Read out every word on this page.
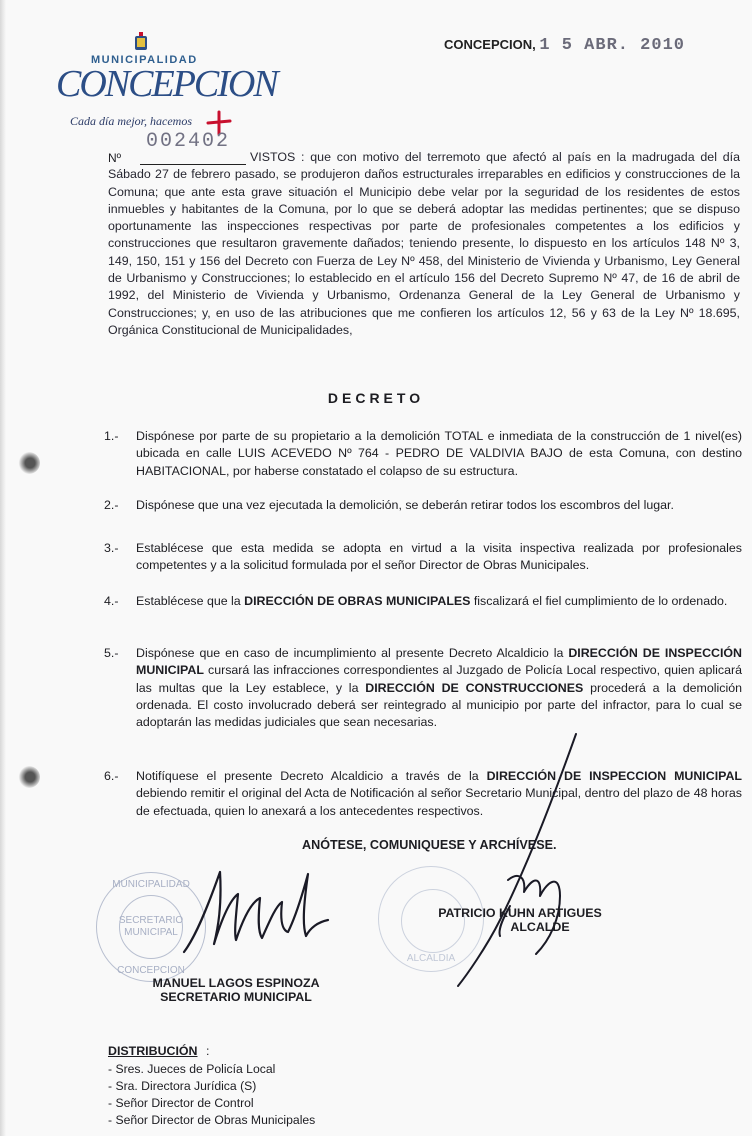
MUNICIPALIDAD
CONCEPCION
Cada día mejor, hacemos
CONCEPCION, 1 5 ABR. 2010
Nº
002402

VISTOS : que con motivo del terremoto que afectó al país en la madrugada del día Sábado 27 de febrero pasado, se produjeron daños estructurales irreparables en edificios y construcciones de la Comuna; que ante esta grave situación el Municipio debe velar por la seguridad de los residentes de estos inmuebles y habitantes de la Comuna, por lo que se deberá adoptar las medidas pertinentes; que se dispuso oportunamente las inspecciones respectivas por parte de profesionales competentes a los edificios y construcciones que resultaron gravemente dañados; teniendo presente, lo dispuesto en los artículos 148 Nº 3, 149, 150, 151 y 156 del Decreto con Fuerza de Ley Nº 458, del Ministerio de Vivienda y Urbanismo, Ley General de Urbanismo y Construcciones; lo establecido en el artículo 156 del Decreto Supremo Nº 47, de 16 de abril de 1992, del Ministerio de Vivienda y Urbanismo, Ordenanza General de la Ley General de Urbanismo y Construcciones; y, en uso de las atribuciones que me confieren los artículos 12, 56 y 63 de la Ley Nº 18.695, Orgánica Constitucional de Municipalidades,

DECRETO
1.- Dispónese por parte de su propietario a la demolición TOTAL e inmediata de la construcción de 1 nivel(es) ubicada en calle LUIS ACEVEDO Nº 764 - PEDRO DE VALDIVIA BAJO de esta Comuna, con destino HABITACIONAL, por haberse constatado el colapso de su estructura.

2.- Dispónese que una vez ejecutada la demolición, se deberán retirar todos los escombros del lugar.

3.- Establécese que esta medida se adopta en virtud a la visita inspectiva realizada por profesionales competentes y a la solicitud formulada por el señor Director de Obras Municipales.

4.- Establécese que la DIRECCIÓN DE OBRAS MUNICIPALES fiscalizará el fiel cumplimiento de lo ordenado.

5.- Dispónese que en caso de incumplimiento al presente Decreto Alcaldicio la DIRECCIÓN DE INSPECCIÓN MUNICIPAL cursará las infracciones correspondientes al Juzgado de Policía Local respectivo, quien aplicará las multas que la Ley establece, y la DIRECCIÓN DE CONSTRUCCIONES procederá a la demolición ordenada. El costo involucrado deberá ser reintegrado al municipio por parte del infractor, para lo cual se adoptarán las medidas judiciales que sean necesarias.

6.- Notifíquese el presente Decreto Alcaldicio a través de la DIRECCIÓN DE INSPECCION MUNICIPAL debiendo remitir el original del Acta de Notificación al señor Secretario Municipal, dentro del plazo de 48 horas de efectuada, quien lo anexará a los antecedentes respectivos.

ANÓTESE, COMUNIQUESE Y ARCHÍVESE.
MUNICIPALIDAD
SECRETARIO
MUNICIPAL
CONCEPCION
ALCALDIA
PATRICIO KUHN ARTIGUES
ALCALDE
MANUEL LAGOS ESPINOZA
SECRETARIO MUNICIPAL
DISTRIBUCIÓN :
- Sres. Jueces de Policía Local
- Sra. Directora Jurídica (S)
- Señor Director de Control
- Señor Director de Obras Municipales
